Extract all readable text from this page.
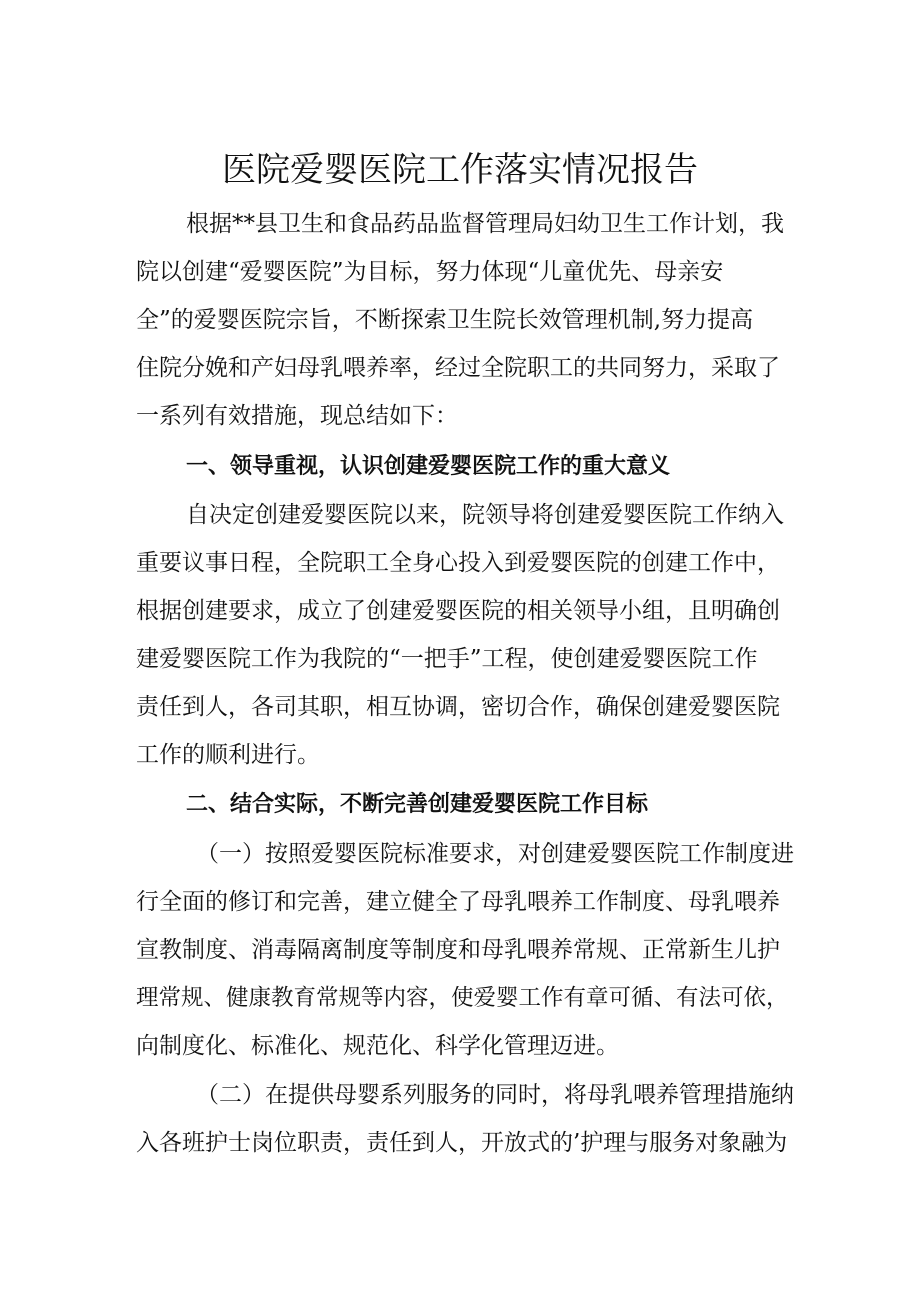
医院爱婴医院工作落实情况报告
根据**县卫生和食品药品监督管理局妇幼卫生工作计划，我
院以创建“爱婴医院”为目标，努力体现“儿童优先、母亲安
全”的爱婴医院宗旨，不断探索卫生院长效管理机制,努力提高
住院分娩和产妇母乳喂养率，经过全院职工的共同努力，采取了
一系列有效措施，现总结如下：
一、领导重视，认识创建爱婴医院工作的重大意义
自决定创建爱婴医院以来，院领导将创建爱婴医院工作纳入
重要议事日程，全院职工全身心投入到爱婴医院的创建工作中，
根据创建要求，成立了创建爱婴医院的相关领导小组，且明确创
建爱婴医院工作为我院的“一把手”工程，使创建爱婴医院工作
责任到人，各司其职，相互协调，密切合作，确保创建爱婴医院
工作的顺利进行。
二、结合实际，不断完善创建爱婴医院工作目标
（一）按照爱婴医院标准要求，对创建爱婴医院工作制度进
行全面的修订和完善，建立健全了母乳喂养工作制度、母乳喂养
宣教制度、消毒隔离制度等制度和母乳喂养常规、正常新生儿护
理常规、健康教育常规等内容，使爱婴工作有章可循、有法可依，
向制度化、标准化、规范化、科学化管理迈进。
（二）在提供母婴系列服务的同时，将母乳喂养管理措施纳
入各班护士岗位职责，责任到人，开放式的’护理与服务对象融为
